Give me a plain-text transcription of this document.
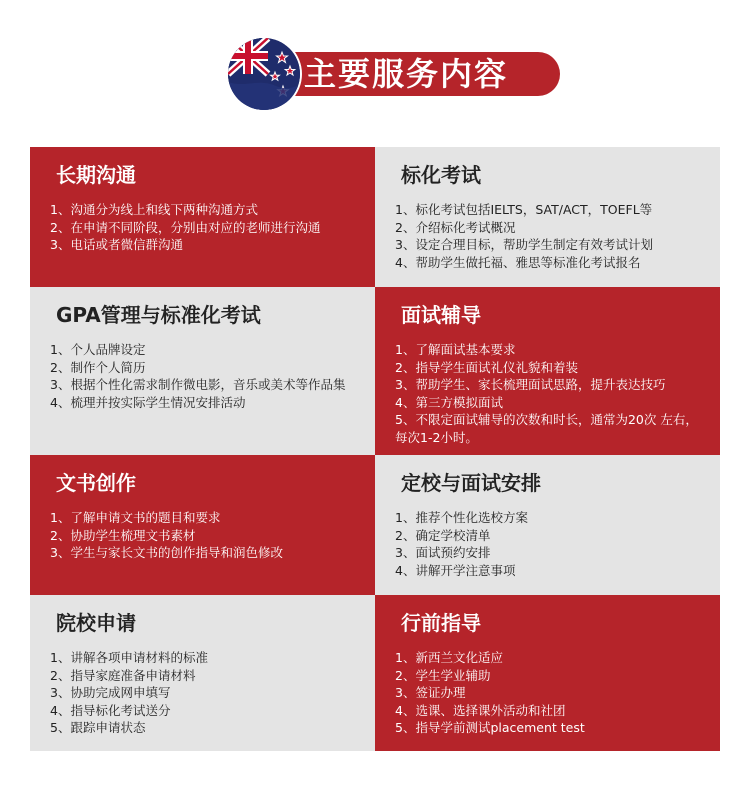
主要服务内容
长期沟通
1、沟通分为线上和线下两种沟通方式
2、在申请不同阶段，分别由对应的老师进行沟通
3、电话或者微信群沟通
标化考试
1、标化考试包括IELTS，SAT/ACT，TOEFL等
2、介绍标化考试概况
3、设定合理目标，帮助学生制定有效考试计划
4、帮助学生做托福、雅思等标准化考试报名
GPA管理与标准化考试
1、个人品牌设定
2、制作个人简历
3、根据个性化需求制作微电影，音乐或美术等作品集
4、梳理并按实际学生情况安排活动
面试辅导
1、了解面试基本要求
2、指导学生面试礼仪礼貌和着装
3、帮助学生、家长梳理面试思路，提升表达技巧
4、第三方模拟面试
5、不限定面试辅导的次数和时长，通常为20次 左右，每次1-2小时。
文书创作
1、了解申请文书的题目和要求
2、协助学生梳理文书素材
3、学生与家长文书的创作指导和润色修改
定校与面试安排
1、推荐个性化选校方案
2、确定学校清单
3、面试预约安排
4、讲解开学注意事项
院校申请
1、讲解各项申请材料的标准
2、指导家庭准备申请材料
3、协助完成网申填写
4、指导标化考试送分
5、跟踪申请状态
行前指导
1、新西兰文化适应
2、学生学业辅助
3、签证办理
4、选课、选择课外活动和社团
5、指导学前测试placement test
